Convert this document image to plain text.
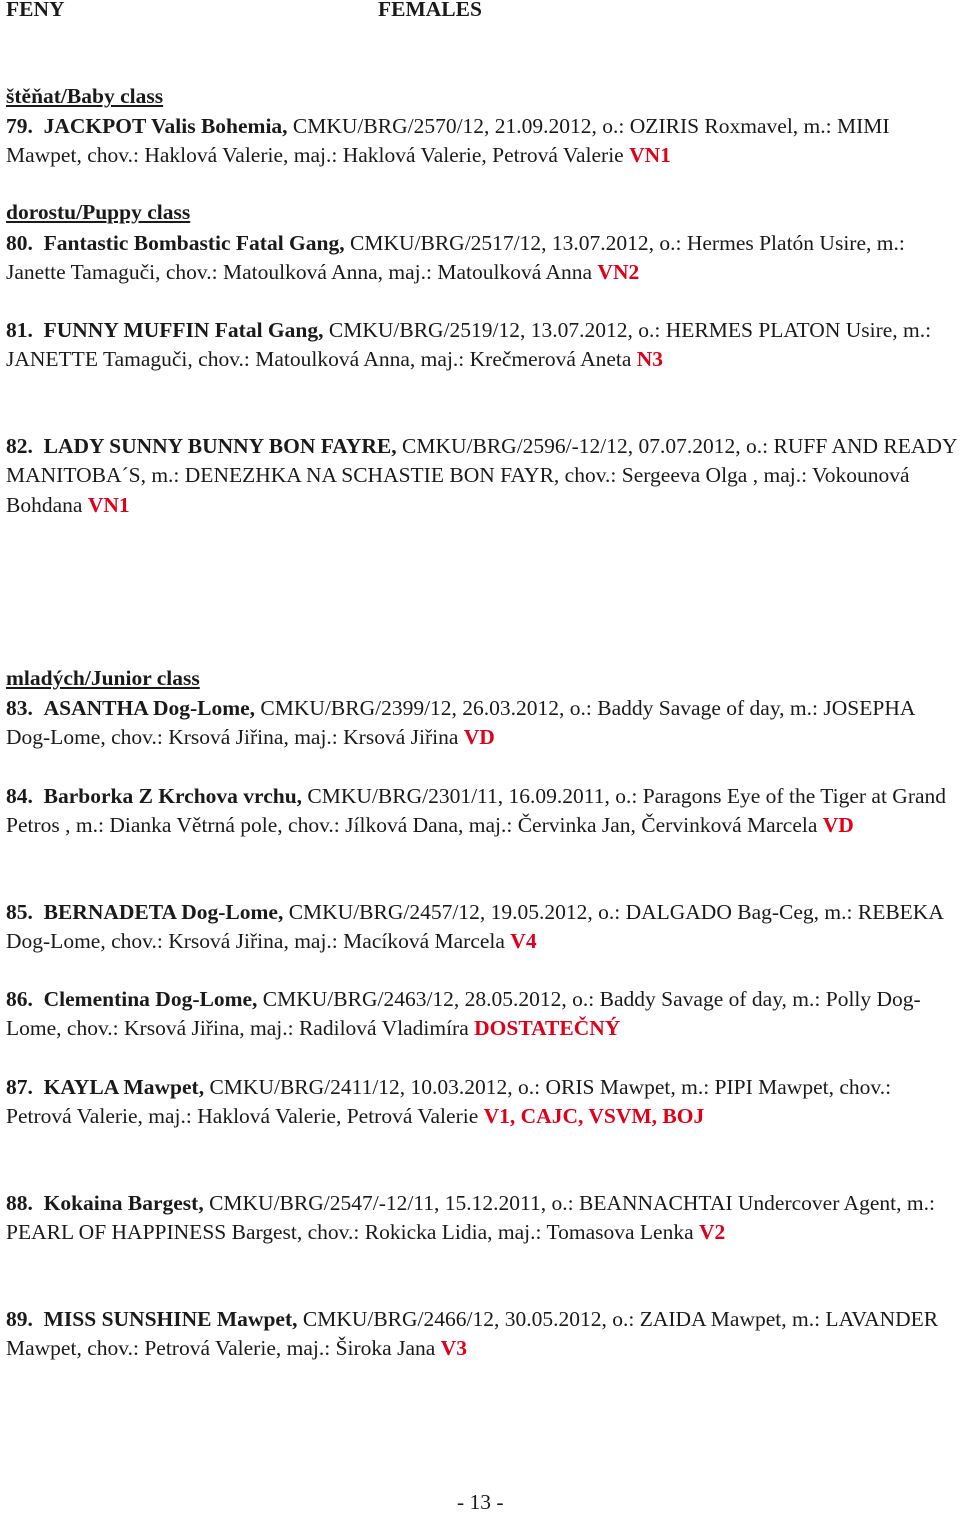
FENY	FEMALES
štěňat/Baby class
79. JACKPOT Valis Bohemia, CMKU/BRG/2570/12, 21.09.2012, o.: OZIRIS Roxmavel, m.: MIMI Mawpet, chov.: Haklová Valerie, maj.: Haklová Valerie, Petrová Valerie VN1
dorostu/Puppy class
80. Fantastic Bombastic Fatal Gang, CMKU/BRG/2517/12, 13.07.2012, o.: Hermes Platón Usire, m.: Janette Tamaguči, chov.: Matoulková Anna, maj.: Matoulková Anna VN2
81. FUNNY MUFFIN Fatal Gang, CMKU/BRG/2519/12, 13.07.2012, o.: HERMES PLATON Usire, m.: JANETTE Tamaguči, chov.: Matoulková Anna, maj.: Krečmerová Aneta N3
82. LADY SUNNY BUNNY BON FAYRE, CMKU/BRG/2596/-12/12, 07.07.2012, o.: RUFF AND READY MANITOBA´S, m.: DENEZHKA NA SCHASTIE BON FAYR, chov.: Sergeeva Olga , maj.: Vokounová Bohdana VN1
mladých/Junior class
83. ASANTHA Dog-Lome, CMKU/BRG/2399/12, 26.03.2012, o.: Baddy Savage of day, m.: JOSEPHA Dog-Lome, chov.: Krsová Jiřina, maj.: Krsová Jiřina VD
84. Barborka Z Krchova vrchu, CMKU/BRG/2301/11, 16.09.2011, o.: Paragons Eye of the Tiger at Grand Petros , m.: Dianka Větrná pole, chov.: Jílková Dana, maj.: Červinka Jan, Červinková Marcela VD
85. BERNADETA Dog-Lome, CMKU/BRG/2457/12, 19.05.2012, o.: DALGADO Bag-Ceg, m.: REBEKA Dog-Lome, chov.: Krsová Jiřina, maj.: Macíková Marcela V4
86. Clementina Dog-Lome, CMKU/BRG/2463/12, 28.05.2012, o.: Baddy Savage of day, m.: Polly Dog-Lome, chov.: Krsová Jiřina, maj.: Radilová Vladimíra DOSTATEČNÝ
87. KAYLA Mawpet, CMKU/BRG/2411/12, 10.03.2012, o.: ORIS Mawpet, m.: PIPI Mawpet, chov.: Petrová Valerie, maj.: Haklová Valerie, Petrová Valerie V1, CAJC, VSVM, BOJ
88. Kokaina Bargest, CMKU/BRG/2547/-12/11, 15.12.2011, o.: BEANNACHTAI Undercover Agent, m.: PEARL OF HAPPINESS Bargest, chov.: Rokicka Lidia, maj.: Tomasova Lenka V2
89. MISS SUNSHINE Mawpet, CMKU/BRG/2466/12, 30.05.2012, o.: ZAIDA Mawpet, m.: LAVANDER Mawpet, chov.: Petrová Valerie, maj.: Široka Jana V3
- 13 -
